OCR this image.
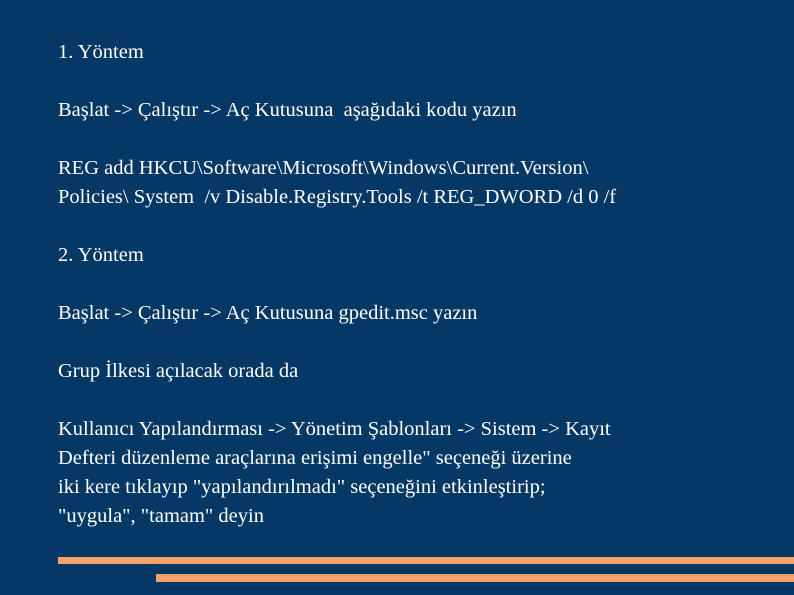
1. Yöntem

Başlat -> Çalıştır -> Aç Kutusuna  aşağıdaki kodu yazın

REG add HKCU\Software\Microsoft\Windows\Current.Version\

Policies\ System  /v Disable.Registry.Tools /t REG_DWORD /d 0 /f

2. Yöntem

Başlat -> Çalıştır -> Aç Kutusuna gpedit.msc yazın

Grup İlkesi açılacak orada da

Kullanıcı Yapılandırması -> Yönetim Şablonları -> Sistem -> Kayıt

Defteri düzenleme araçlarına erişimi engelle" seçeneği üzerine

iki kere tıklayıp "yapılandırılmadı" seçeneğini etkinleştirip;

"uygula", "tamam" deyin
